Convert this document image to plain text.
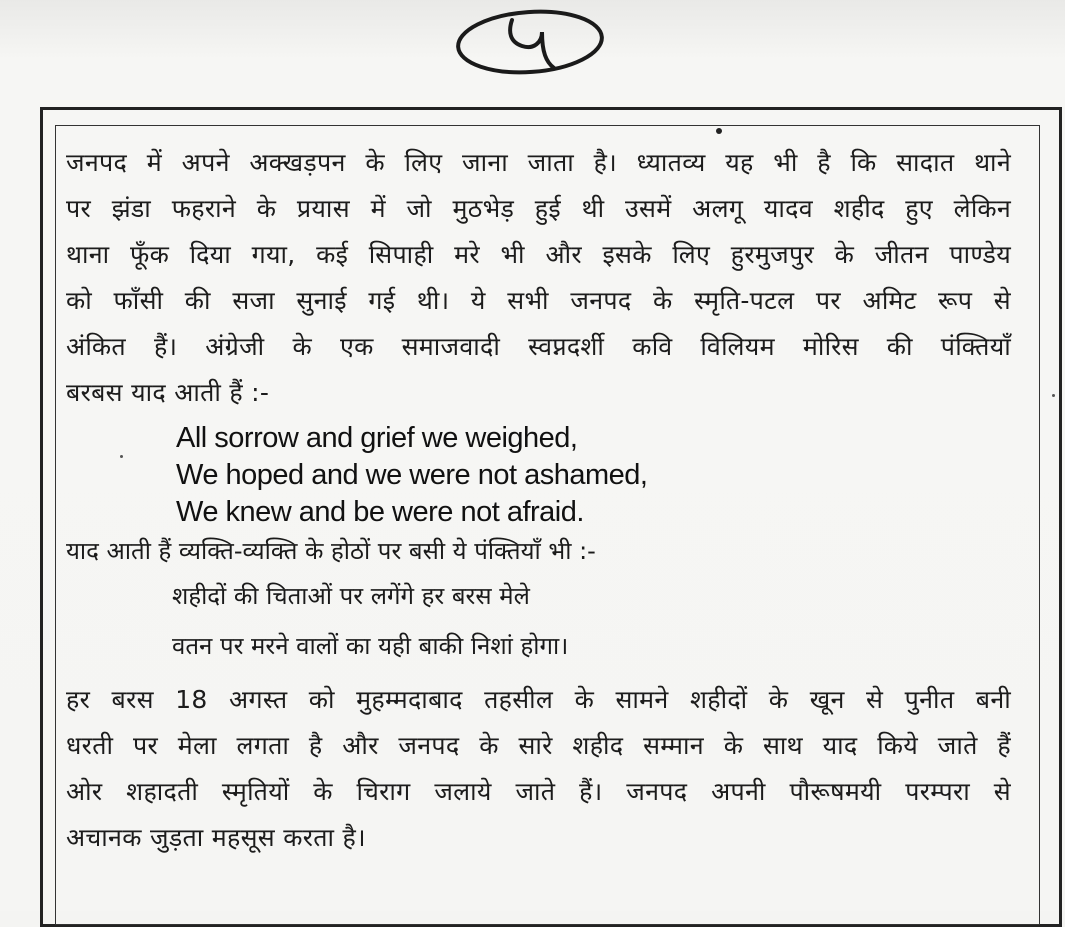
जनपद में अपने अक्खड़पन के लिए जाना जाता है। ध्यातव्य यह भी है कि सादात थाने
पर झंडा फहराने के प्रयास में जो मुठभेड़ हुई थी उसमें अलगू यादव शहीद हुए लेकिन
थाना फूँक दिया गया, कई सिपाही मरे भी और इसके लिए हुरमुजपुर के जीतन पाण्डेय
को फाँसी की सजा सुनाई गई थी। ये सभी जनपद के स्मृति-पटल पर अमिट रूप से
अंकित हैं। अंग्रेजी के एक समाजवादी स्वप्नदर्शी कवि विलियम मोरिस की पंक्तियाँ
बरबस याद आती हैं :-
All sorrow and grief we weighed,
We hoped and we were not ashamed,
We knew and be were not afraid.
याद आती हैं व्यक्ति-व्यक्ति के होठों पर बसी ये पंक्तियाँ भी :-
शहीदों की चिताओं पर लगेंगे हर बरस मेले
वतन पर मरने वालों का यही बाकी निशां होगा।
हर बरस 18 अगस्त को मुहम्मदाबाद तहसील के सामने शहीदों के खून से पुनीत बनी
धरती पर मेला लगता है और जनपद के सारे शहीद सम्मान के साथ याद किये जाते हैं
ओर शहादती स्मृतियों के चिराग जलाये जाते हैं। जनपद अपनी पौरूषमयी परम्परा से
अचानक जुड़ता महसूस करता है।
